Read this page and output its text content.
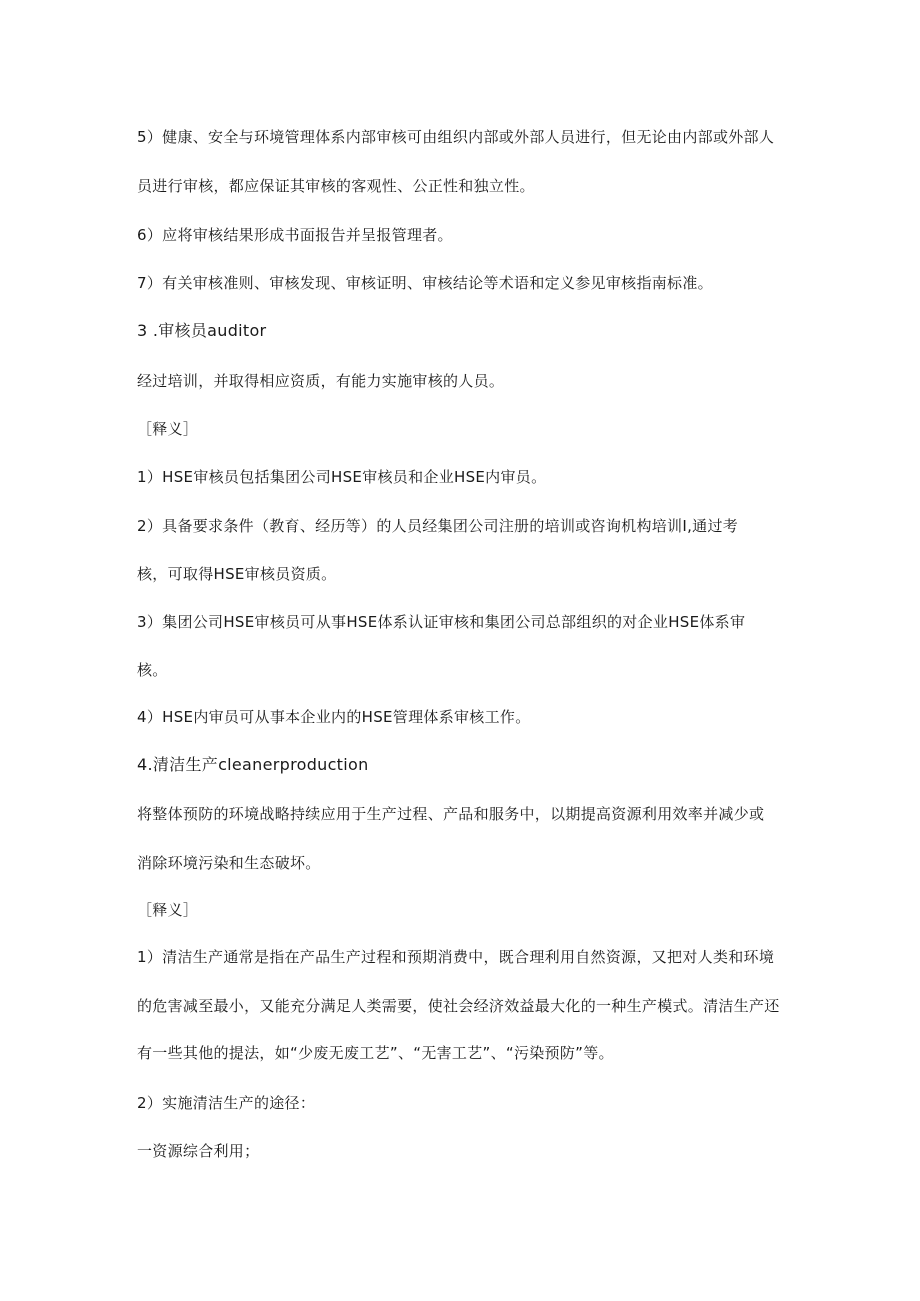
5）健康、安全与环境管理体系内部审核可由组织内部或外部人员进行，但无论由内部或外部人
员进行审核，都应保证其审核的客观性、公正性和独立性。
6）应将审核结果形成书面报告并呈报管理者。
7）有关审核准则、审核发现、审核证明、审核结论等术语和定义参见审核指南标准。
3 .审核员auditor
经过培训，并取得相应资质，有能力实施审核的人员。
［释义］
1）HSE审核员包括集团公司HSE审核员和企业HSE内审员。
2）具备要求条件（教育、经历等）的人员经集团公司注册的培训或咨询机构培训I,通过考
核，可取得HSE审核员资质。
3）集团公司HSE审核员可从事HSE体系认证审核和集团公司总部组织的对企业HSE体系审
核。
4）HSE内审员可从事本企业内的HSE管理体系审核工作。
4.清洁生产cleanerproduction
将整体预防的环境战略持续应用于生产过程、产品和服务中，以期提高资源利用效率并减少或
消除环境污染和生态破坏。
［释义］
1）清洁生产通常是指在产品生产过程和预期消费中，既合理利用自然资源，又把对人类和环境
的危害减至最小，又能充分满足人类需要，使社会经济效益最大化的一种生产模式。清洁生产还
有一些其他的提法，如“少废无废工艺”、“无害工艺”、“污染预防”等。
2）实施清洁生产的途径：
一资源综合利用；
